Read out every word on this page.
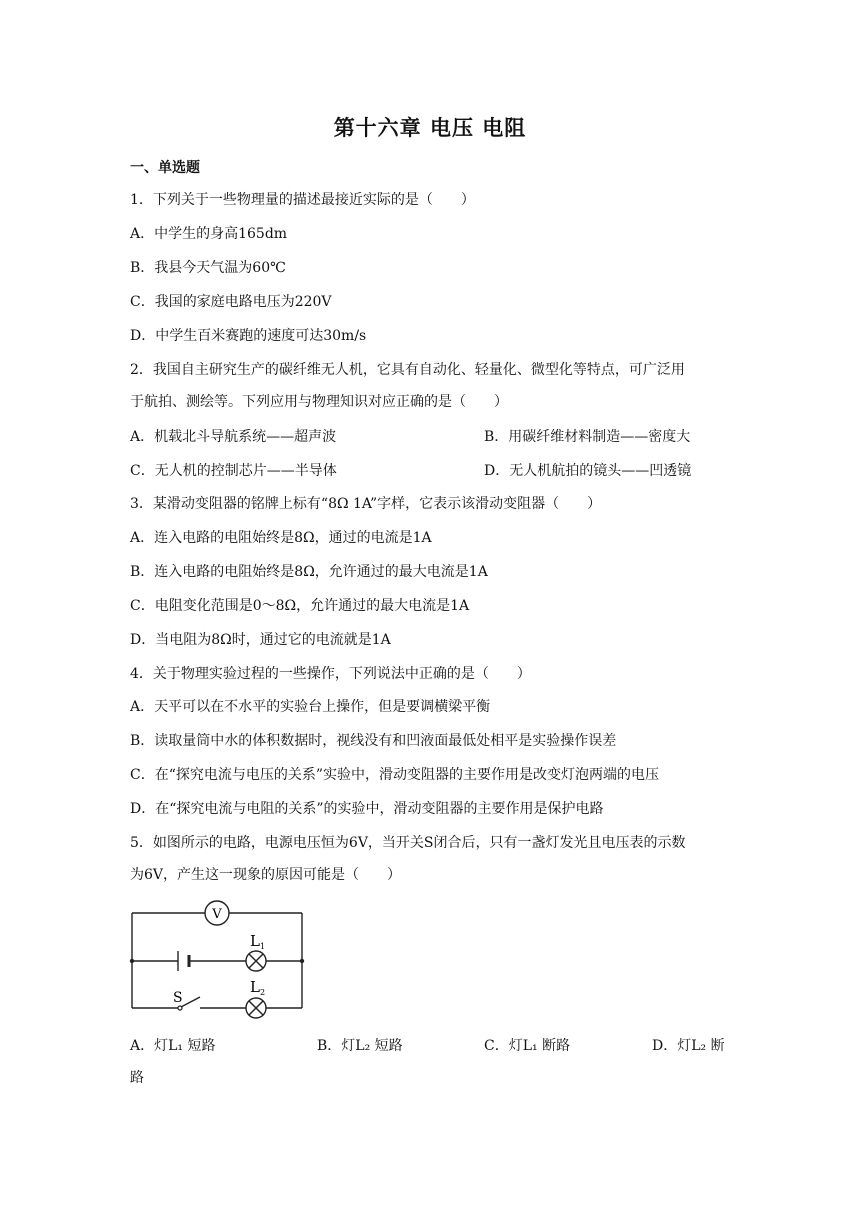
第十六章 电压 电阻
一、单选题
1．下列关于一些物理量的描述最接近实际的是（　　）
A．中学生的身高165dm
B．我县今天气温为60℃
C．我国的家庭电路电压为220V
D．中学生百米赛跑的速度可达30m/s
2．我国自主研究生产的碳纤维无人机，它具有自动化、轻量化、微型化等特点，可广泛用
于航拍、测绘等。下列应用与物理知识对应正确的是（　　）
A．机载北斗导航系统——超声波	B．用碳纤维材料制造——密度大
C．无人机的控制芯片——半导体	D．无人机航拍的镜头——凹透镜
3．某滑动变阻器的铭牌上标有“8Ω 1A”字样，它表示该滑动变阻器（　　）
A．连入电路的电阻始终是8Ω，通过的电流是1A
B．连入电路的电阻始终是8Ω，允许通过的最大电流是1A
C．电阻变化范围是0～8Ω，允许通过的最大电流是1A
D．当电阻为8Ω时，通过它的电流就是1A
4．关于物理实验过程的一些操作，下列说法中正确的是（　　）
A．天平可以在不水平的实验台上操作，但是要调横梁平衡
B．读取量筒中水的体积数据时，视线没有和凹液面最低处相平是实验操作误差
C．在“探究电流与电压的关系”实验中，滑动变阻器的主要作用是改变灯泡两端的电压
D．在“探究电流与电阻的关系”的实验中，滑动变阻器的主要作用是保护电路
5．如图所示的电路，电源电压恒为6V，当开关S闭合后，只有一盏灯发光且电压表的示数
为6V，产生这一现象的原因可能是（　　）
V
L 1
L 2
S
A．灯L₁ 短路	B．灯L₂ 短路	C．灯L₁ 断路	D．灯L₂ 断
路
